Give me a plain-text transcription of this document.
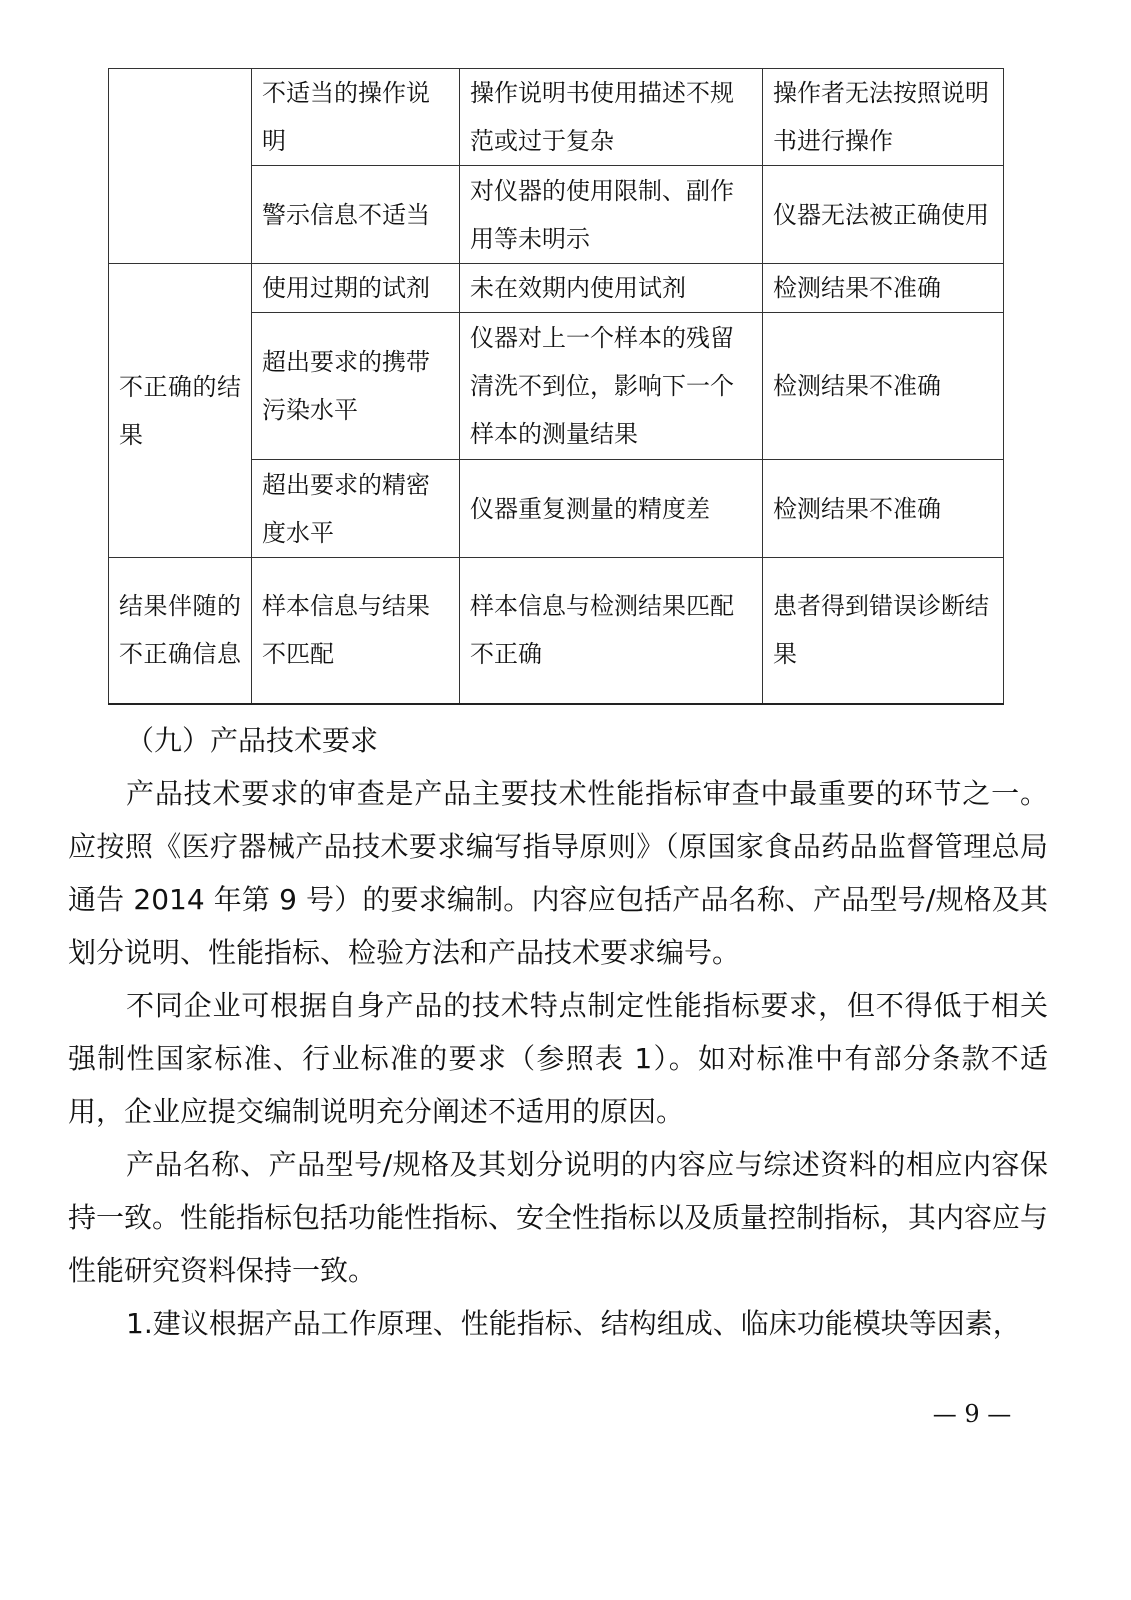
	不适当的操作说明	操作说明书使用描述不规范或过于复杂	操作者无法按照说明书进行操作
	警示信息不适当	对仪器的使用限制、副作用等未明示	仪器无法被正确使用
不正确的结果	使用过期的试剂	未在效期内使用试剂	检测结果不准确
	超出要求的携带污染水平	仪器对上一个样本的残留清洗不到位，影响下一个样本的测量结果	检测结果不准确
	超出要求的精密度水平	仪器重复测量的精度差	检测结果不准确
结果伴随的不正确信息	样本信息与结果不匹配	样本信息与检测结果匹配不正确	患者得到错误诊断结果

（九）产品技术要求

产品技术要求的审查是产品主要技术性能指标审查中最重要的环节之一。应按照《医疗器械产品技术要求编写指导原则》（原国家食品药品监督管理总局通告 2014 年第 9 号）的要求编制。内容应包括产品名称、产品型号/规格及其划分说明、性能指标、检验方法和产品技术要求编号。

不同企业可根据自身产品的技术特点制定性能指标要求，但不得低于相关强制性国家标准、行业标准的要求（参照表 1）。如对标准中有部分条款不适用，企业应提交编制说明充分阐述不适用的原因。

产品名称、产品型号/规格及其划分说明的内容应与综述资料的相应内容保持一致。性能指标包括功能性指标、安全性指标以及质量控制指标，其内容应与性能研究资料保持一致。

1.建议根据产品工作原理、性能指标、结构组成、临床功能模块等因素，

— 9 —
